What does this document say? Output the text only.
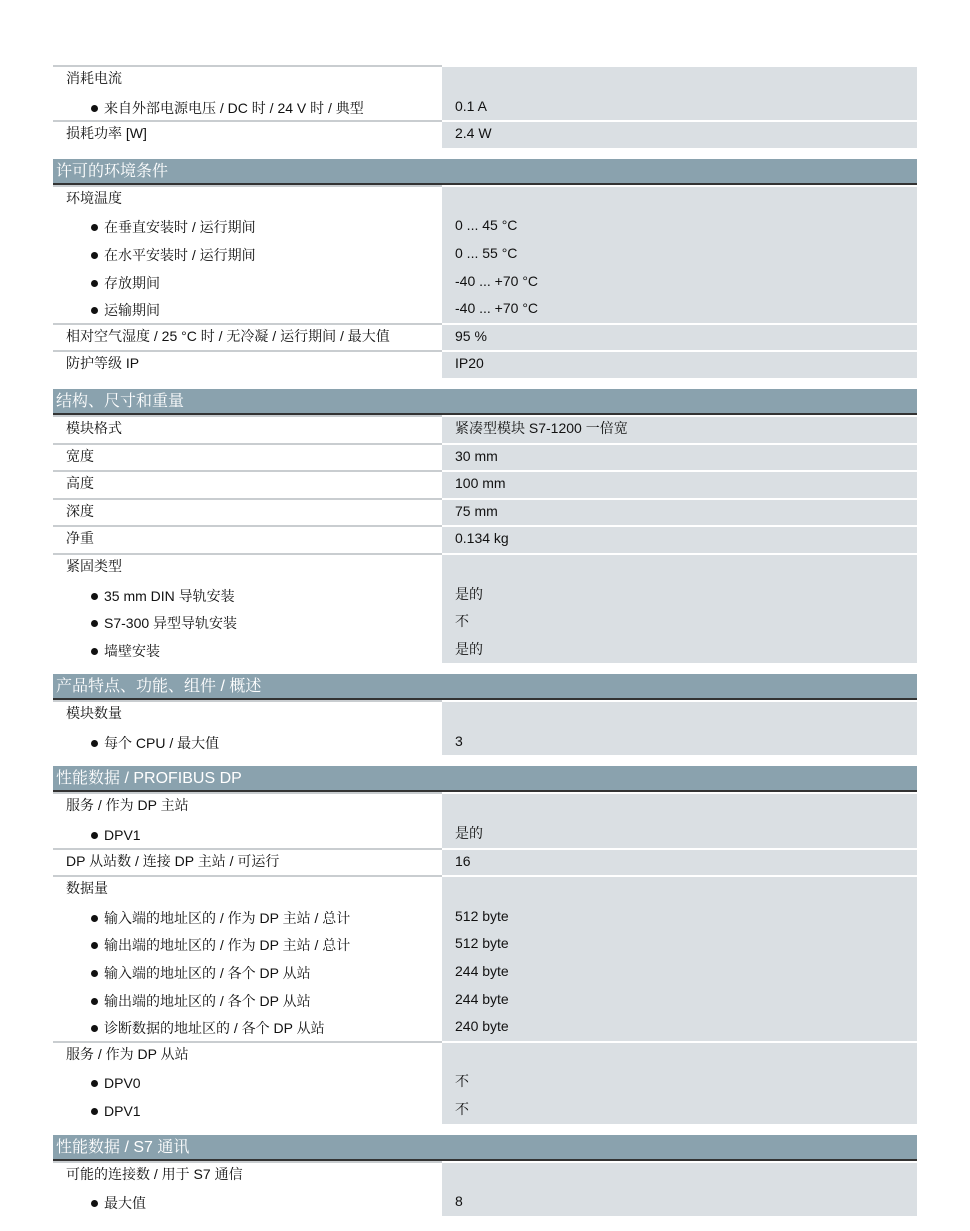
消耗电流
来自外部电源电压 / DC 时 / 24 V 时 / 典型	0.1 A
损耗功率 [W]	2.4 W
许可的环境条件
环境温度
在垂直安装时 / 运行期间	0 ... 45 °C
在水平安装时 / 运行期间	0 ... 55 °C
存放期间	-40 ... +70 °C
运输期间	-40 ... +70 °C
相对空气湿度 / 25 °C 时 / 无冷凝 / 运行期间 / 最大值	95 %
防护等级 IP	IP20
结构、尺寸和重量
模块格式	紧凑型模块 S7-1200 一倍宽
宽度	30 mm
高度	100 mm
深度	75 mm
净重	0.134 kg
紧固类型
35 mm DIN 导轨安装	是的
S7-300 异型导轨安装	不
墙壁安装	是的
产品特点、功能、组件 / 概述
模块数量
每个 CPU / 最大值	3
性能数据 / PROFIBUS DP
服务 / 作为 DP 主站
DPV1	是的
DP 从站数 / 连接 DP 主站 / 可运行	16
数据量
输入端的地址区的 / 作为 DP 主站 / 总计	512 byte
输出端的地址区的 / 作为 DP 主站 / 总计	512 byte
输入端的地址区的 / 各个 DP 从站	244 byte
输出端的地址区的 / 各个 DP 从站	244 byte
诊断数据的地址区的 / 各个 DP 从站	240 byte
服务 / 作为 DP 从站
DPV0	不
DPV1	不
性能数据 / S7 通讯
可能的连接数 / 用于 S7 通信
最大值	8
